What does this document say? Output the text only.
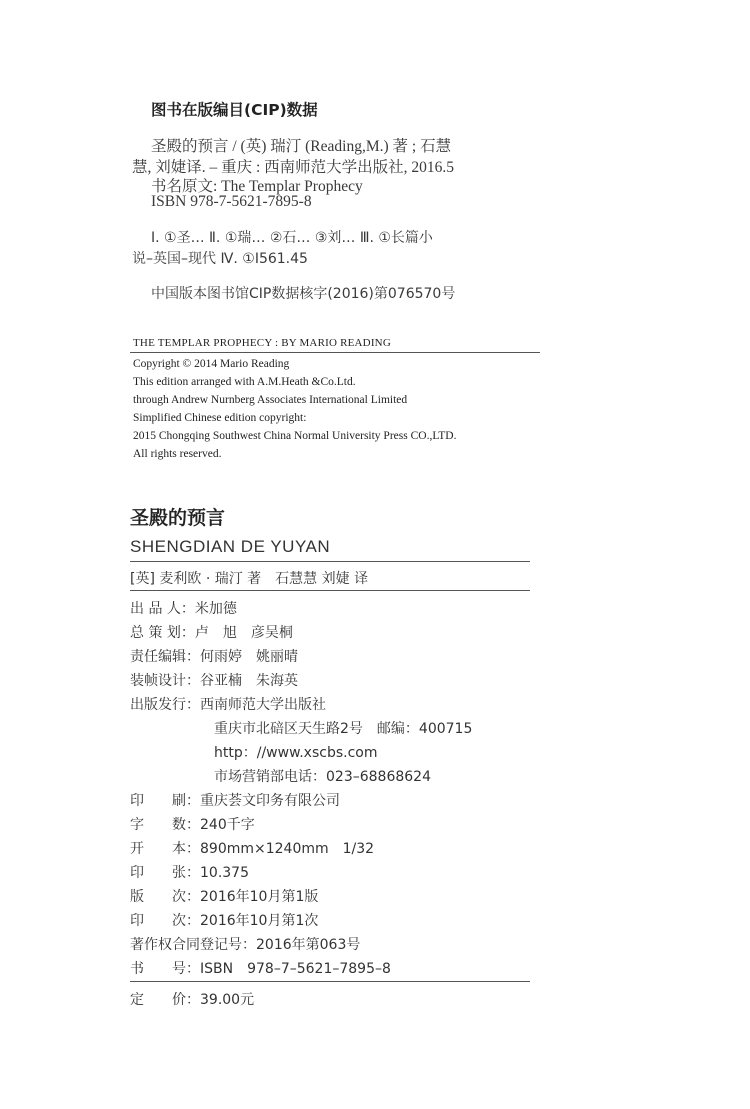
图书在版编目(CIP)数据
圣殿的预言 / (英) 瑞汀 (Reading,M.) 著 ; 石慧
慧, 刘婕译. – 重庆 : 西南师范大学出版社, 2016.5
书名原文: The Templar Prophecy
ISBN 978-7-5621-7895-8
Ⅰ. ①圣… Ⅱ. ①瑞… ②石… ③刘… Ⅲ. ①长篇小
说–英国–现代 Ⅳ. ①I561.45
中国版本图书馆CIP数据核字(2016)第076570号
THE TEMPLAR PROPHECY : BY MARIO READING
Copyright © 2014 Mario Reading
This edition arranged with A.M.Heath &Co.Ltd.
through Andrew Nurnberg Associates International Limited
Simplified Chinese edition copyright:
2015 Chongqing Southwest China Normal University Press CO.,LTD.
All rights reserved.
圣殿的预言
SHENGDIAN DE YUYAN
[英] 麦利欧 · 瑞汀 著　石慧慧 刘婕 译
出 品 人：米加德
总 策 划：卢　旭　彦吴桐
责任编辑：何雨婷　姚丽晴
装帧设计：谷亚楠　朱海英
出版发行：西南师范大学出版社
重庆市北碚区天生路2号　邮编：400715
http：//www.xscbs.com
市场营销部电话：023–68868624
印　　刷：重庆荟文印务有限公司
字　　数：240千字
开　　本：890mm×1240mm　1/32
印　　张：10.375
版　　次：2016年10月第1版
印　　次：2016年10月第1次
著作权合同登记号：2016年第063号
书　　号：ISBN　978–7–5621–7895–8
定　　价：39.00元
